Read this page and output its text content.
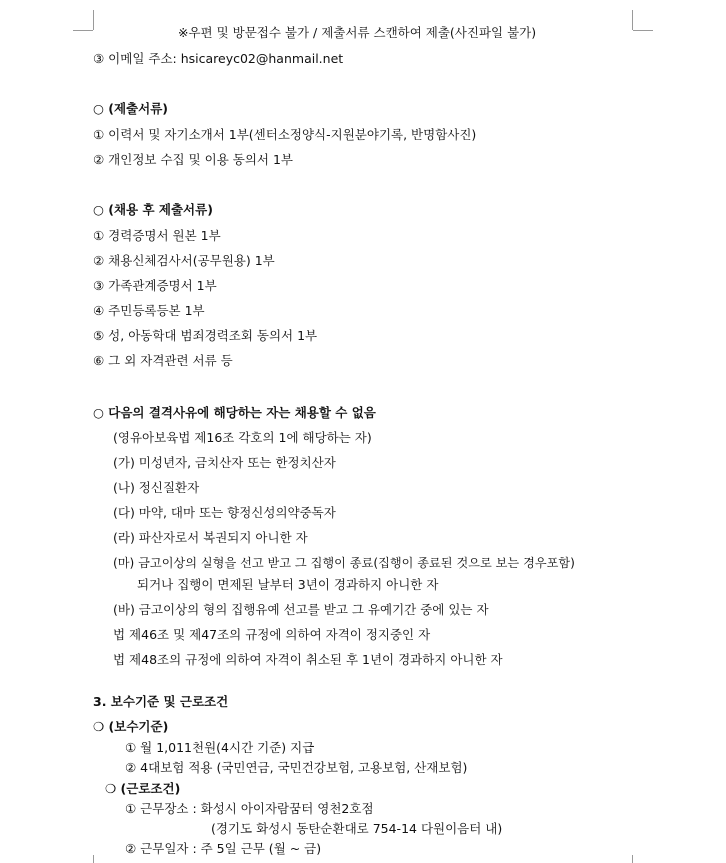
※우편 및 방문접수 불가 / 제출서류 스캔하여 제출(사진파일 불가)
③ 이메일 주소: hsicareyc02@hanmail.net
○ (제출서류)
① 이력서 및 자기소개서 1부(센터소정양식-지원분야기록, 반명함사진)
② 개인정보 수집 및 이용 동의서 1부
○ (채용 후 제출서류)
① 경력증명서 원본 1부
② 채용신체검사서(공무원용) 1부
③ 가족관계증명서 1부
④ 주민등록등본 1부
⑤ 성, 아동학대 범죄경력조회 동의서 1부
⑥ 그 외 자격관련 서류 등
○ 다음의 결격사유에 해당하는 자는 채용할 수 없음
(영유아보육법 제16조 각호의 1에 해당하는 자)
(가) 미성년자, 금치산자 또는 한정치산자
(나) 정신질환자
(다) 마약, 대마 또는 향정신성의약중독자
(라) 파산자로서 복권되지 아니한 자
(마) 금고이상의 실형을 선고 받고 그 집행이 종료(집행이 종료된 것으로 보는 경우포함)
되거나 집행이 면제된 날부터 3년이 경과하지 아니한 자
(바) 금고이상의 형의 집행유예 선고를 받고 그 유예기간 중에 있는 자
법 제46조 및 제47조의 규정에 의하여 자격이 정지중인 자
법 제48조의 규정에 의하여 자격이 취소된 후 1년이 경과하지 아니한 자
3. 보수기준 및 근로조건
❍ (보수기준)
① 월 1,011천원(4시간 기준) 지급
② 4대보험 적용 (국민연금, 국민건강보험, 고용보험, 산재보험)
❍ (근로조건)
① 근무장소 : 화성시 아이자람꿈터 영천2호점
(경기도 화성시 동탄순환대로 754-14 다원이음터 내)
② 근무일자 : 주 5일 근무 (월 ~ 금)
